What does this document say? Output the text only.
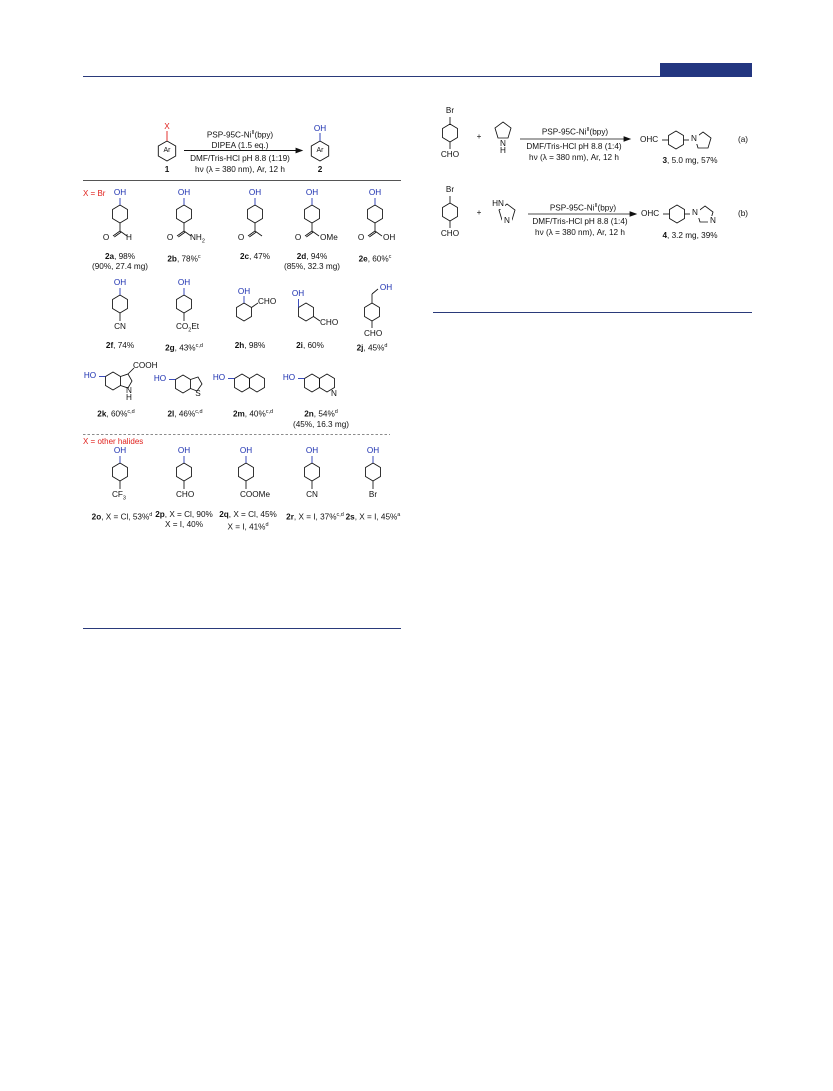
X
Ar
OH
Ar
1	2
PSP-$95C-Ni^{II}(bpy)$
DIPEA (1.5 eq.)
DMF/Tris-HCl pH 8.8 (1:19)
hν (λ = 380 nm), Ar, 12 h
X = Br OH	OH	OH	OH	OH
OH	OH
OH	OH
OH
HO	HO	HO	HO
OH	OH	OH	OH	OH
O H	O $NH_2$	O	O OMe O OH
CN	$CO_2Et$
CHO
CHO
CHO
COOH
N
H	S	N
$CF_3$	CHO	COOMe	CN	Br
2a, 98%
(90%, 27.4 mg)
2b, 78%$^c$	2c, 47%	2d, 94%
(85%, 32.3 mg)
2e, 60%$^c$
2f, 74%	2g, 43%$^{c,d}$	2h, 98%	2i, 60%	2j, 45%$^d$
2k, 60%$^{c,d}$	2l, 46%$^{c,d}$	2m, 40%$^{c,d}$	2n, 54%$^d$
(45%, 16.3 mg)
2o, X = Cl, 53%$^d$ 2p, X = Cl, 90%
X = I, 40%
2q, X = Cl, 45%
X = I, 41%$^d$
2r, X = I, 37%$^{c,d}$ 2s, X = I, 45%$^a$
X = other halides
Br
CHO
+
N
H
PSP-$95C-Ni^{II}(bpy)$
DMF/Tris-HCl pH 8.8 (1:4)
hν (λ = 380 nm), Ar, 12 h
OHC	N	(a)
3, 5.0 mg, 57%
Br
CHO
+
HN
N
PSP-$95C-Ni^{II}(bpy)$
DMF/Tris-HCl pH 8.8 (1:4)
hν (λ = 380 nm), Ar, 12 h
OHC	N
N
(b)
4, 3.2 mg, 39%
